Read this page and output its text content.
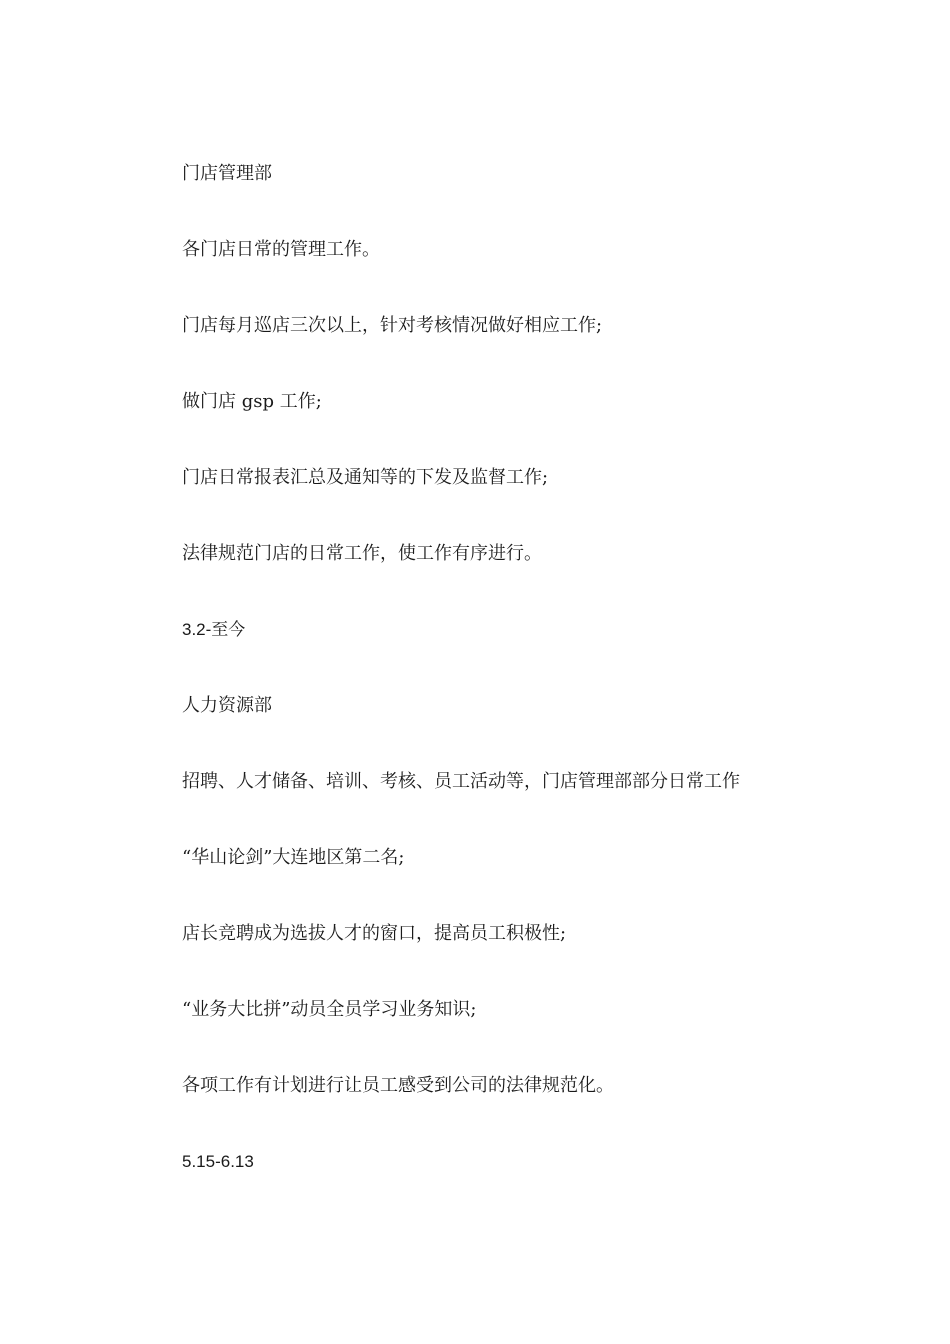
门店管理部
各门店日常的管理工作。
门店每月巡店三次以上，针对考核情况做好相应工作;
做门店 gsp 工作;
门店日常报表汇总及通知等的下发及监督工作;
法律规范门店的日常工作，使工作有序进行。
3.2-至今
人力资源部
招聘、人才储备、培训、考核、员工活动等，门店管理部部分日常工作
“华山论剑”大连地区第二名;
店长竞聘成为选拔人才的窗口，提高员工积极性;
“业务大比拼”动员全员学习业务知识;
各项工作有计划进行让员工感受到公司的法律规范化。
5.15-6.13
